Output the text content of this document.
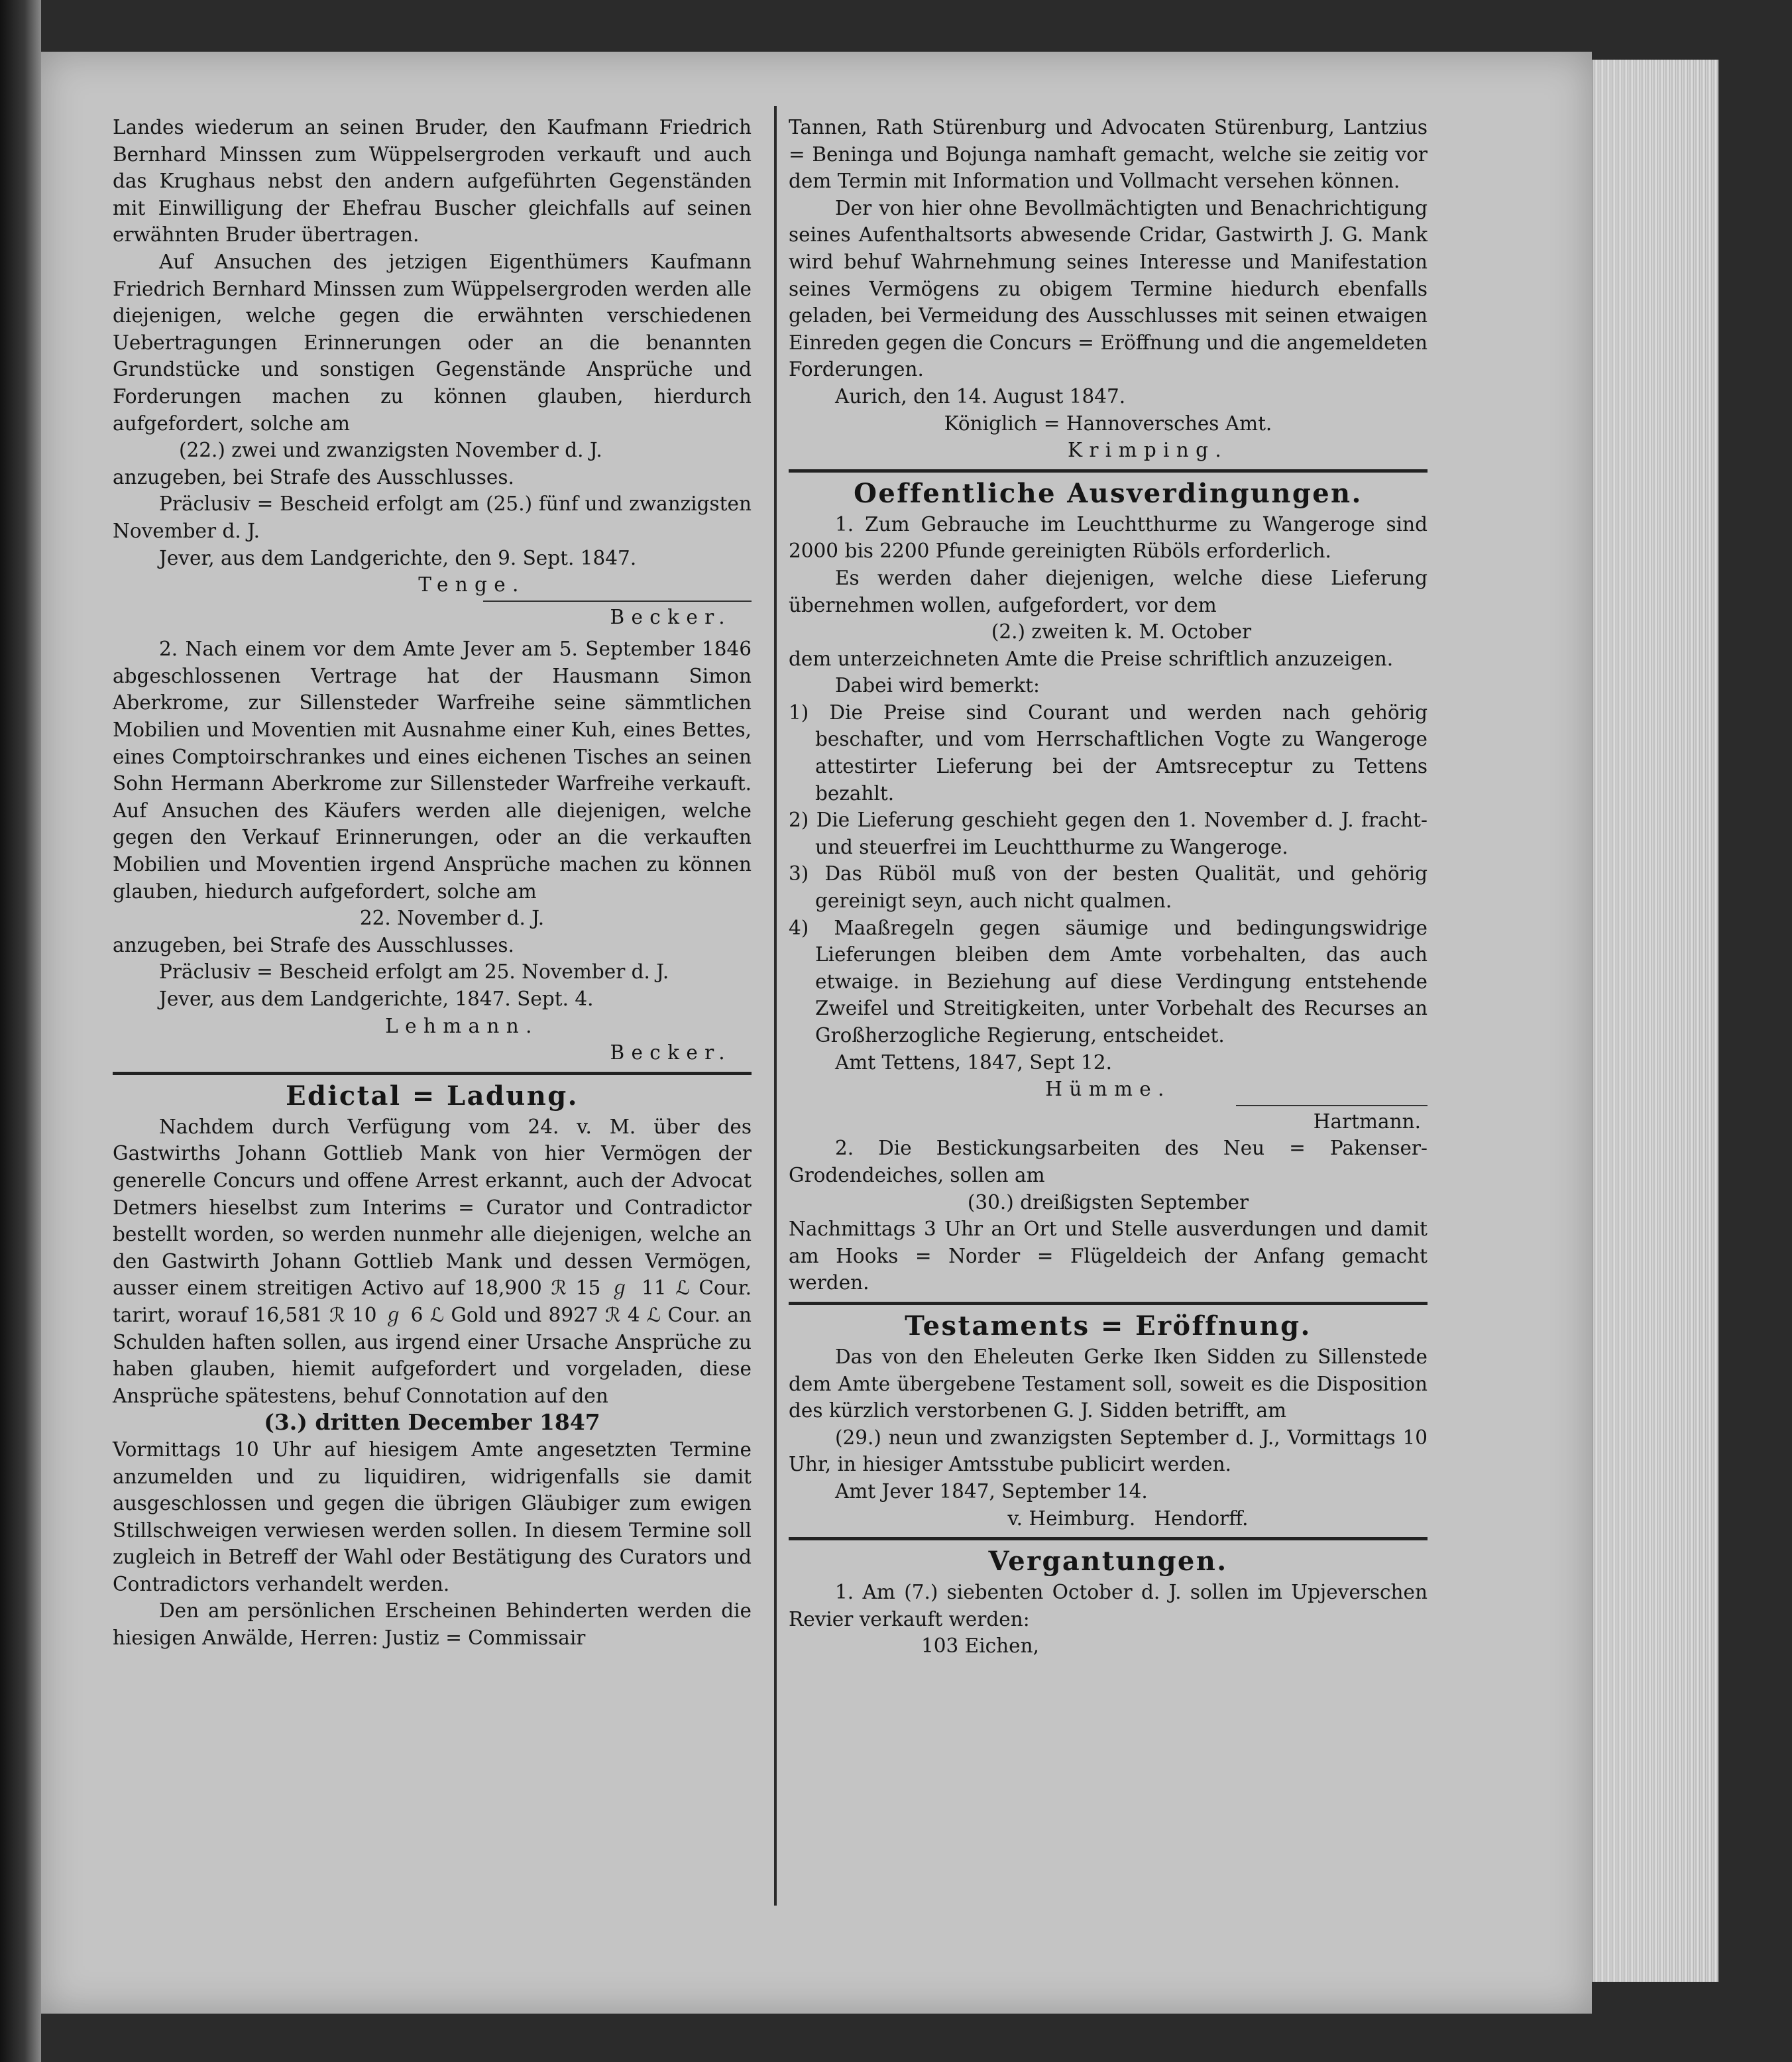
Landes wiederum an seinen Bruder, den Kaufmann Friedrich Bernhard Minssen zum Wüppelsergroden verkauft und auch das Krughaus nebst den andern aufgeführten Gegenständen mit Einwilligung der Ehefrau Buscher gleichfalls auf seinen erwähnten Bruder übertragen.

Auf Ansuchen des jetzigen Eigenthümers Kaufmann Friedrich Bernhard Minssen zum Wüppelsergroden werden alle diejenigen, welche gegen die erwähnten verschiedenen Uebertragungen Erinnerungen oder an die benannten Grundstücke und sonstigen Gegenstände Ansprüche und Forderungen machen zu können glauben, hierdurch aufgefordert, solche am

(22.) zwei und zwanzigsten November d. J.

anzugeben, bei Strafe des Ausschlusses.

Präclusiv = Bescheid erfolgt am (25.) fünf und zwanzigsten November d. J.

Jever, aus dem Landgerichte, den 9. Sept. 1847.

Tenge.

Becker.

2. Nach einem vor dem Amte Jever am 5. September 1846 abgeschlossenen Vertrage hat der Hausmann Simon Aberkrome, zur Sillensteder Warfreihe seine sämmtlichen Mobilien und Moventien mit Ausnahme einer Kuh, eines Bettes, eines Comptoirschrankes und eines eichenen Tisches an seinen Sohn Hermann Aberkrome zur Sillensteder Warfreihe verkauft. Auf Ansuchen des Käufers werden alle diejenigen, welche gegen den Verkauf Erinnerungen, oder an die verkauften Mobilien und Moventien irgend Ansprüche machen zu können glauben, hiedurch aufgefordert, solche am

22. November d. J.

anzugeben, bei Strafe des Ausschlusses.

Präclusiv = Bescheid erfolgt am 25. November d. J.

Jever, aus dem Landgerichte, 1847. Sept. 4.

Lehmann.

Becker.

Edictal = Ladung.

Nachdem durch Verfügung vom 24. v. M. über des Gastwirths Johann Gottlieb Mank von hier Vermögen der generelle Concurs und offene Arrest erkannt, auch der Advocat Detmers hieselbst zum Interims = Curator und Contradictor bestellt worden, so werden nunmehr alle diejenigen, welche an den Gastwirth Johann Gottlieb Mank und dessen Vermögen, ausser einem streitigen Activo auf 18,900 ℛ 15 ℊ 11 ℒ Cour. tarirt, worauf 16,581 ℛ 10 ℊ 6 ℒ Gold und 8927 ℛ 4 ℒ Cour. an Schulden haften sollen, aus irgend einer Ursache Ansprüche zu haben glauben, hiemit aufgefordert und vorgeladen, diese Ansprüche spätestens, behuf Connotation auf den

(3.) dritten December 1847

Vormittags 10 Uhr auf hiesigem Amte angesetzten Termine anzumelden und zu liquidiren, widrigenfalls sie damit ausgeschlossen und gegen die übrigen Gläubiger zum ewigen Stillschweigen verwiesen werden sollen. In diesem Termine soll zugleich in Betreff der Wahl oder Bestätigung des Curators und Contradictors verhandelt werden.

Den am persönlichen Erscheinen Behinderten werden die hiesigen Anwälde, Herren: Justiz = Commissair

Tannen, Rath Stürenburg und Advocaten Stürenburg, Lantzius = Beninga und Bojunga namhaft gemacht, welche sie zeitig vor dem Termin mit Information und Vollmacht versehen können.

Der von hier ohne Bevollmächtigten und Benachrichtigung seines Aufenthaltsorts abwesende Cridar, Gastwirth J. G. Mank wird behuf Wahrnehmung seines Interesse und Manifestation seines Vermögens zu obigem Termine hiedurch ebenfalls geladen, bei Vermeidung des Ausschlusses mit seinen etwaigen Einreden gegen die Concurs = Eröffnung und die angemeldeten Forderungen.

Aurich, den 14. August 1847.

Königlich = Hannoversches Amt.

Krimping.

Oeffentliche Ausverdingungen.

1. Zum Gebrauche im Leuchtthurme zu Wangeroge sind 2000 bis 2200 Pfunde gereinigten Rüböls erforderlich.

Es werden daher diejenigen, welche diese Lieferung übernehmen wollen, aufgefordert, vor dem

(2.) zweiten k. M. October

dem unterzeichneten Amte die Preise schriftlich anzuzeigen.

Dabei wird bemerkt:

1) Die Preise sind Courant und werden nach gehörig beschafter, und vom Herrschaftlichen Vogte zu Wangeroge attestirter Lieferung bei der Amtsreceptur zu Tettens bezahlt.

2) Die Lieferung geschieht gegen den 1. November d. J. fracht- und steuerfrei im Leuchtthurme zu Wangeroge.

3) Das Rüböl muß von der besten Qualität, und gehörig gereinigt seyn, auch nicht qualmen.

4) Maaßregeln gegen säumige und bedingungswidrige Lieferungen bleiben dem Amte vorbehalten, das auch etwaige. in Beziehung auf diese Verdingung entstehende Zweifel und Streitigkeiten, unter Vorbehalt des Recurses an Großherzogliche Regierung, entscheidet.

Amt Tettens, 1847, Sept 12.

Hümme.

Hartmann.

2. Die Bestickungsarbeiten des Neu = Pakenser-Grodendeiches, sollen am

(30.) dreißigsten September

Nachmittags 3 Uhr an Ort und Stelle ausverdungen und damit am Hooks = Norder = Flügeldeich der Anfang gemacht werden.

Testaments = Eröffnung.

Das von den Eheleuten Gerke Iken Sidden zu Sillenstede dem Amte übergebene Testament soll, soweit es die Disposition des kürzlich verstorbenen G. J. Sidden betrifft, am

(29.) neun und zwanzigsten September d. J., Vormittags 10 Uhr, in hiesiger Amtsstube publicirt werden.

Amt Jever 1847, September 14.

v. Heimburg.   Hendorff.

Vergantungen.

1. Am (7.) siebenten October d. J. sollen im Upjeverschen Revier verkauft werden:

103 Eichen,
